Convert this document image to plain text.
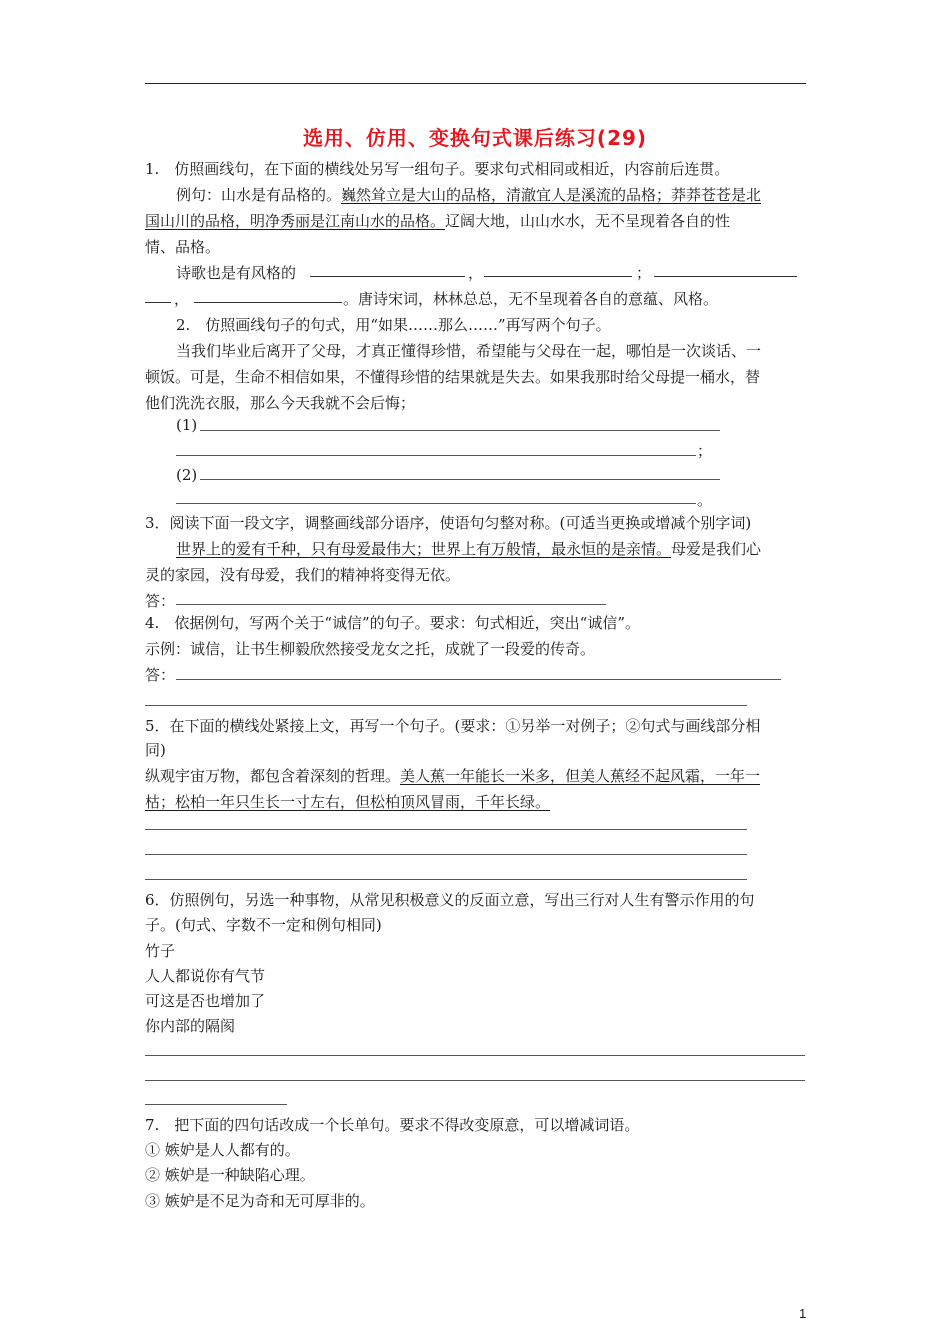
选用、仿用、变换句式课后练习(29)
1.　仿照画线句，在下面的横线处另写一组句子。要求句式相同或相近，内容前后连贯。
例句：山水是有品格的。巍然耸立是大山的品格，清澈宜人是溪流的品格；莽莽苍苍是北
国山川的品格，明净秀丽是江南山水的品格。辽阔大地，山山水水，无不呈现着各自的性
情、品格。
诗歌也是有风格的	，	；
，	。唐诗宋词，林林总总，无不呈现着各自的意蕴、风格。
2.　仿照画线句子的句式，用“如果……那么……”再写两个句子。
当我们毕业后离开了父母，才真正懂得珍惜，希望能与父母在一起，哪怕是一次谈话、一
顿饭。可是，生命不相信如果，不懂得珍惜的结果就是失去。如果我那时给父母提一桶水，替
他们洗洗衣服，那么今天我就不会后悔；
(1)
；
(2)
。
3．阅读下面一段文字，调整画线部分语序，使语句匀整对称。(可适当更换或增减个别字词)
世界上的爱有千种，只有母爱最伟大；世界上有万般情，最永恒的是亲情。母爱是我们心
灵的家园，没有母爱，我们的精神将变得无依。
答：
4.　依据例句，写两个关于“诚信”的句子。要求：句式相近，突出“诚信”。
示例：诚信，让书生柳毅欣然接受龙女之托，成就了一段爱的传奇。
答：
5．在下面的横线处紧接上文，再写一个句子。(要求：①另举一对例子；②句式与画线部分相
同)
纵观宇宙万物，都包含着深刻的哲理。美人蕉一年能长一米多，但美人蕉经不起风霜，一年一
枯；松柏一年只生长一寸左右，但松柏顶风冒雨，千年长绿。
6．仿照例句，另选一种事物，从常见积极意义的反面立意，写出三行对人生有警示作用的句
子。(句式、字数不一定和例句相同)
竹子
人人都说你有气节
可这是否也增加了
你内部的隔阂
7.　把下面的四句话改成一个长单句。要求不得改变原意，可以增减词语。
① 嫉妒是人人都有的。
② 嫉妒是一种缺陷心理。
③ 嫉妒是不足为奇和无可厚非的。
1
